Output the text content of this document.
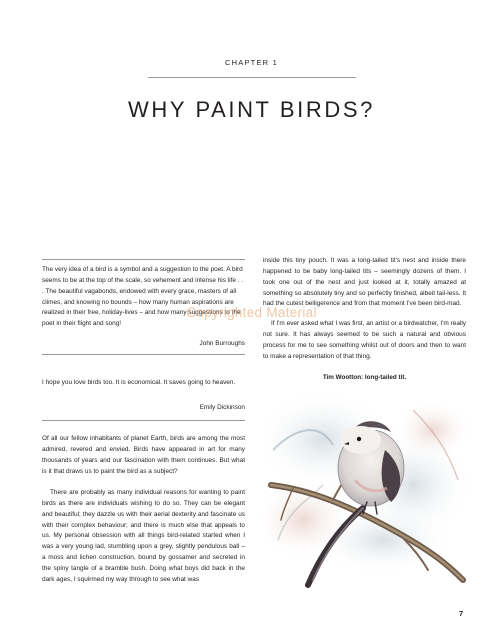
CHAPTER 1
WHY PAINT BIRDS?

The very idea of a bird is a symbol and a suggestion to the poet. A bird seems to be at the top of the scale, so vehement and intense his life . . . The beautiful vagabonds, endowed with every grace, masters of all climes, and knowing no bounds – how many human aspirations are realized in their free, holiday-lives – and how many suggestions to the poet in their flight and song!

John Burroughs

I hope you love birds too. It is economical. It saves going to heaven.

Emily Dickinson

Of all our fellow inhabitants of planet Earth, birds are among the most admired, revered and envied. Birds have appeared in art for many thousands of years and our fascination with them continues. But what is it that draws us to paint the bird as a subject?

There are probably as many individual reasons for wanting to paint birds as there are individuals wishing to do so. They can be elegant and beautiful; they dazzle us with their aerial dexterity and fascinate us with their complex behaviour; and there is much else that appeals to us. My personal obsession with all things bird-related started when I was a very young lad, stumbling upon a grey, slightly pendulous ball – a moss and lichen construction, bound by gossamer and secreted in the spiny tangle of a bramble bush. Doing what boys did back in the dark ages, I squirmed my way through to see what was

inside this tiny pouch. It was a long-tailed tit's nest and inside there happened to be baby long-tailed tits – seemingly dozens of them. I took one out of the nest and just looked at it, totally amazed at something so absolutely tiny and so perfectly finished, albeit tail-less. It had the cutest belligerence and from that moment I've been bird-mad.

If I'm ever asked what I was first, an artist or a birdwatcher, I'm really not sure. It has always seemed to be such a natural and obvious process for me to see something whilst out of doors and then to want to make a representation of that thing.

Tim Wootton: long-tailed tit.
Copyrighted Material
7
